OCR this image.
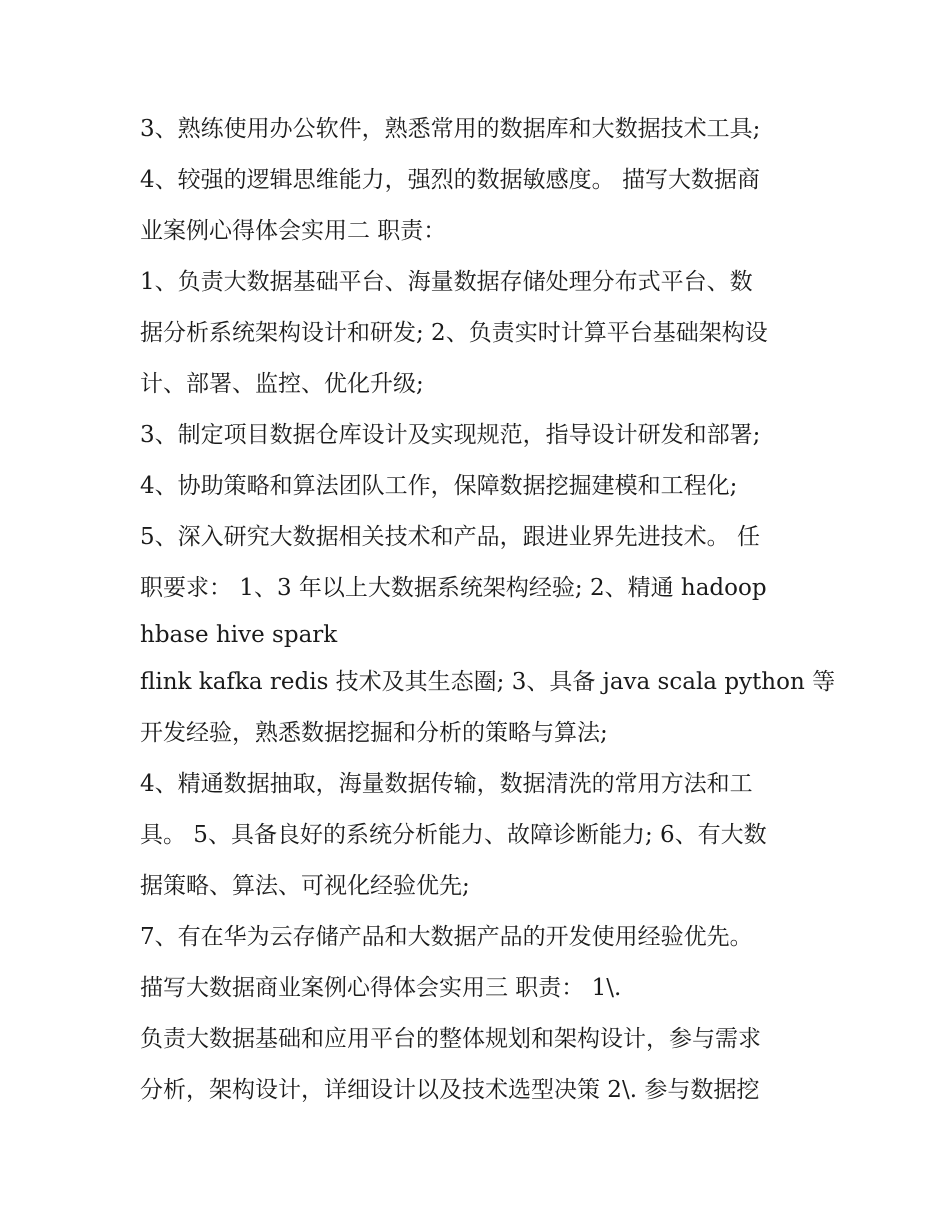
3、熟练使用办公软件，熟悉常用的数据库和大数据技术工具;
4、较强的逻辑思维能力，强烈的数据敏感度。 描写大数据商
业案例心得体会实用二 职责：
1、负责大数据基础平台、海量数据存储处理分布式平台、数
据分析系统架构设计和研发; 2、负责实时计算平台基础架构设
计、部署、监控、优化升级;
3、制定项目数据仓库设计及实现规范，指导设计研发和部署;
4、协助策略和算法团队工作，保障数据挖掘建模和工程化;
5、深入研究大数据相关技术和产品，跟进业界先进技术。 任
职要求： 1、3 年以上大数据系统架构经验; 2、精通 hadoop
hbase hive spark
flink kafka redis 技术及其生态圈; 3、具备 java scala python 等
开发经验，熟悉数据挖掘和分析的策略与算法;
4、精通数据抽取，海量数据传输，数据清洗的常用方法和工
具。 5、具备良好的系统分析能力、故障诊断能力; 6、有大数
据策略、算法、可视化经验优先;
7、有在华为云存储产品和大数据产品的开发使用经验优先。
描写大数据商业案例心得体会实用三 职责： 1\.
负责大数据基础和应用平台的整体规划和架构设计，参与需求
分析，架构设计，详细设计以及技术选型决策 2\. 参与数据挖
